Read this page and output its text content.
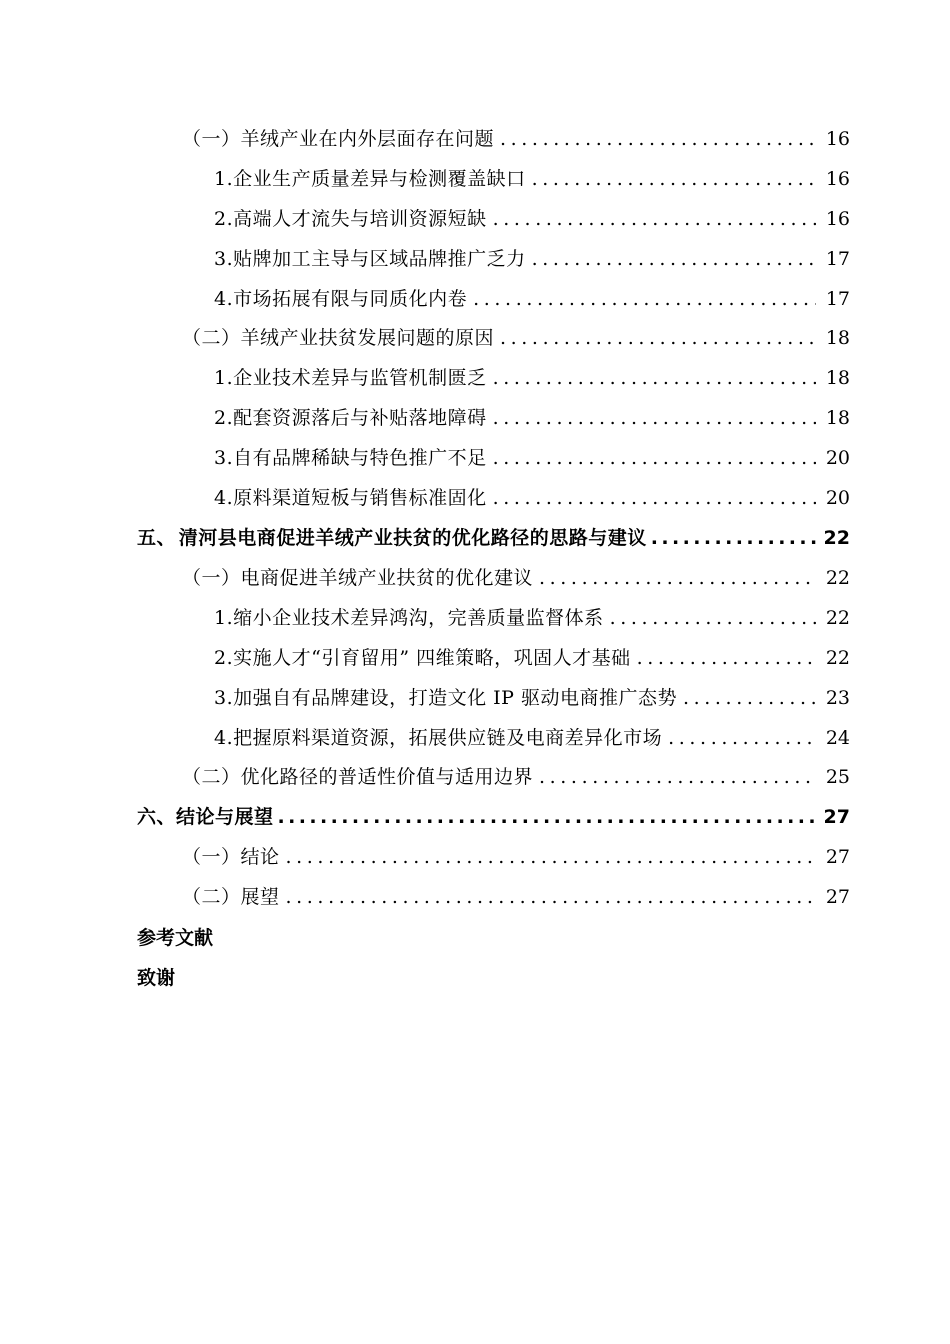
（一）羊绒产业在内外层面存在问题 .....	16
1.企业生产质量差异与检测覆盖缺口 .....	16
2.高端人才流失与培训资源短缺 .....	16
3.贴牌加工主导与区域品牌推广乏力 .....	17
4.市场拓展有限与同质化内卷 .....	17
（二）羊绒产业扶贫发展问题的原因 .....	18
1.企业技术差异与监管机制匮乏 .....	18
2.配套资源落后与补贴落地障碍 .....	18
3.自有品牌稀缺与特色推广不足 .....	20
4.原料渠道短板与销售标准固化 .....	20
五、 清河县电商促进羊绒产业扶贫的优化路径的思路与建议 .....	22
（一）电商促进羊绒产业扶贫的优化建议 .....	22
1.缩小企业技术差异鸿沟，完善质量监督体系 .....	22
2.实施人才“引育留用” 四维策略，巩固人才基础 .....	22
3.加强自有品牌建设，打造文化 IP 驱动电商推广态势 .....	23
4.把握原料渠道资源，拓展供应链及电商差异化市场 .....	24
（二）优化路径的普适性价值与适用边界 .....	25
六、结论与展望 .....	27
（一）结论 .....	27
（二）展望 .....	27
参考文献
致谢
